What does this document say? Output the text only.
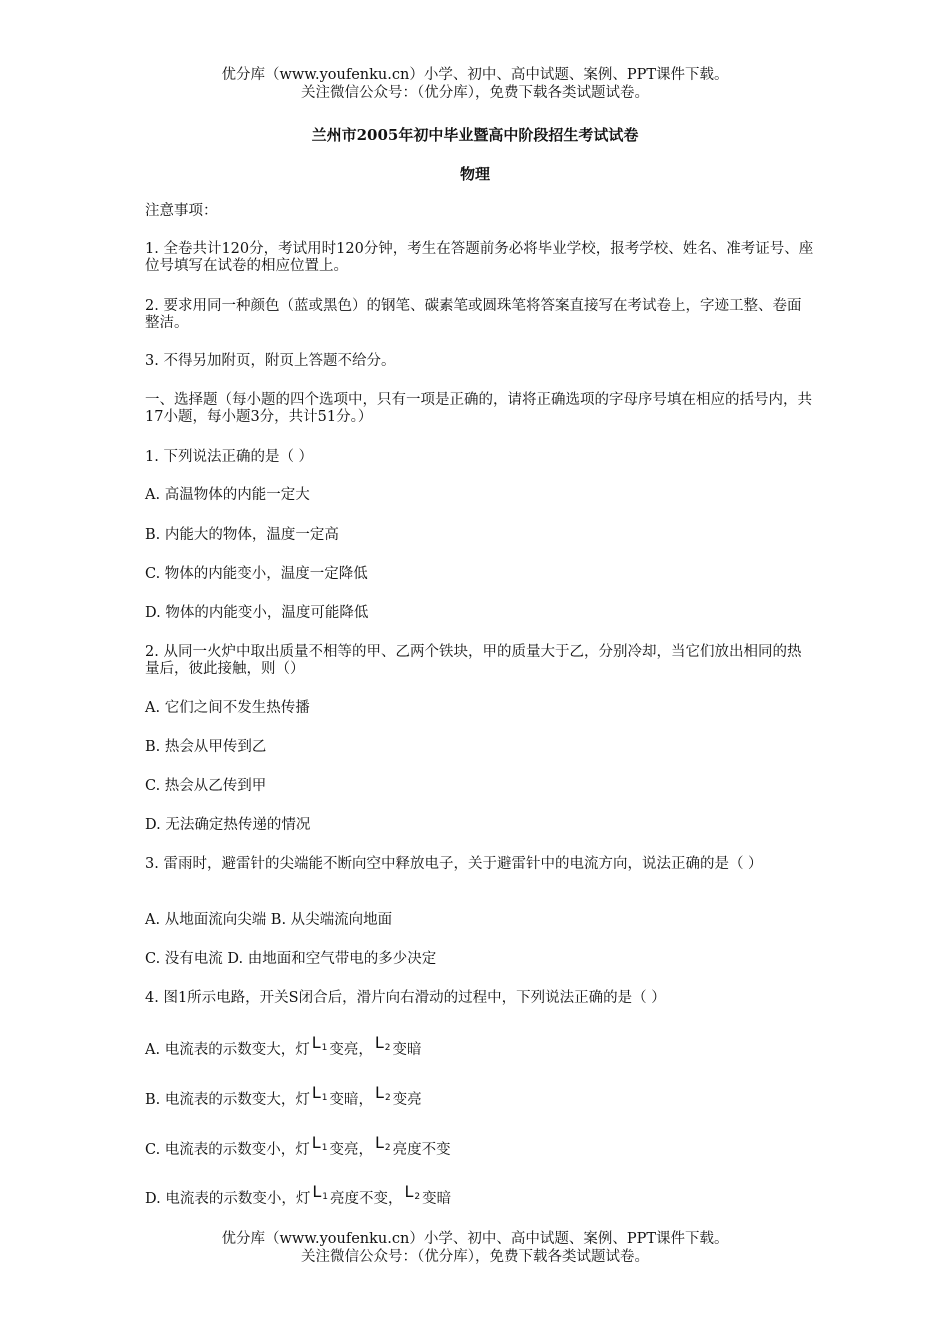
优分库（www.youfenku.cn）小学、初中、高中试题、案例、PPT课件下载。
关注微信公众号：（优分库），免费下载各类试题试卷。
兰州市2005年初中毕业暨高中阶段招生考试试卷
物理
注意事项：
1. 全卷共计120分，考试用时120分钟，考生在答题前务必将毕业学校，报考学校、姓名、准考证号、座位号填写在试卷的相应位置上。
2. 要求用同一种颜色（蓝或黑色）的钢笔、碳素笔或圆珠笔将答案直接写在考试卷上，字迹工整、卷面整洁。
3. 不得另加附页，附页上答题不给分。
一、选择题（每小题的四个选项中，只有一项是正确的，请将正确选项的字母序号填在相应的括号内，共17小题，每小题3分，共计51分。）
1. 下列说法正确的是（ ）
A. 高温物体的内能一定大
B. 内能大的物体，温度一定高
C. 物体的内能变小，温度一定降低
D. 物体的内能变小，温度可能降低
2. 从同一火炉中取出质量不相等的甲、乙两个铁块，甲的质量大于乙，分别冷却，当它们放出相同的热量后，彼此接触，则（）
A. 它们之间不发生热传播
B. 热会从甲传到乙
C. 热会从乙传到甲
D. 无法确定热传递的情况
3. 雷雨时，避雷针的尖端能不断向空中释放电子，关于避雷针中的电流方向，说法正确的是（ ）
A. 从地面流向尖端 B. 从尖端流向地面
C. 没有电流 D. 由地面和空气带电的多少决定
4. 图1所示电路，开关S闭合后，滑片向右滑动的过程中，下列说法正确的是（ ）
A. 电流表的示数变大，灯 $L_1$ 变亮， $L_2$ 变暗
B. 电流表的示数变大，灯 $L_1$ 变暗， $L_2$ 变亮
C. 电流表的示数变小，灯 $L_1$ 变亮， $L_2$ 亮度不变
D. 电流表的示数变小，灯 $L_1$ 亮度不变， $L_2$ 变暗
优分库（www.youfenku.cn）小学、初中、高中试题、案例、PPT课件下载。
关注微信公众号：（优分库），免费下载各类试题试卷。
